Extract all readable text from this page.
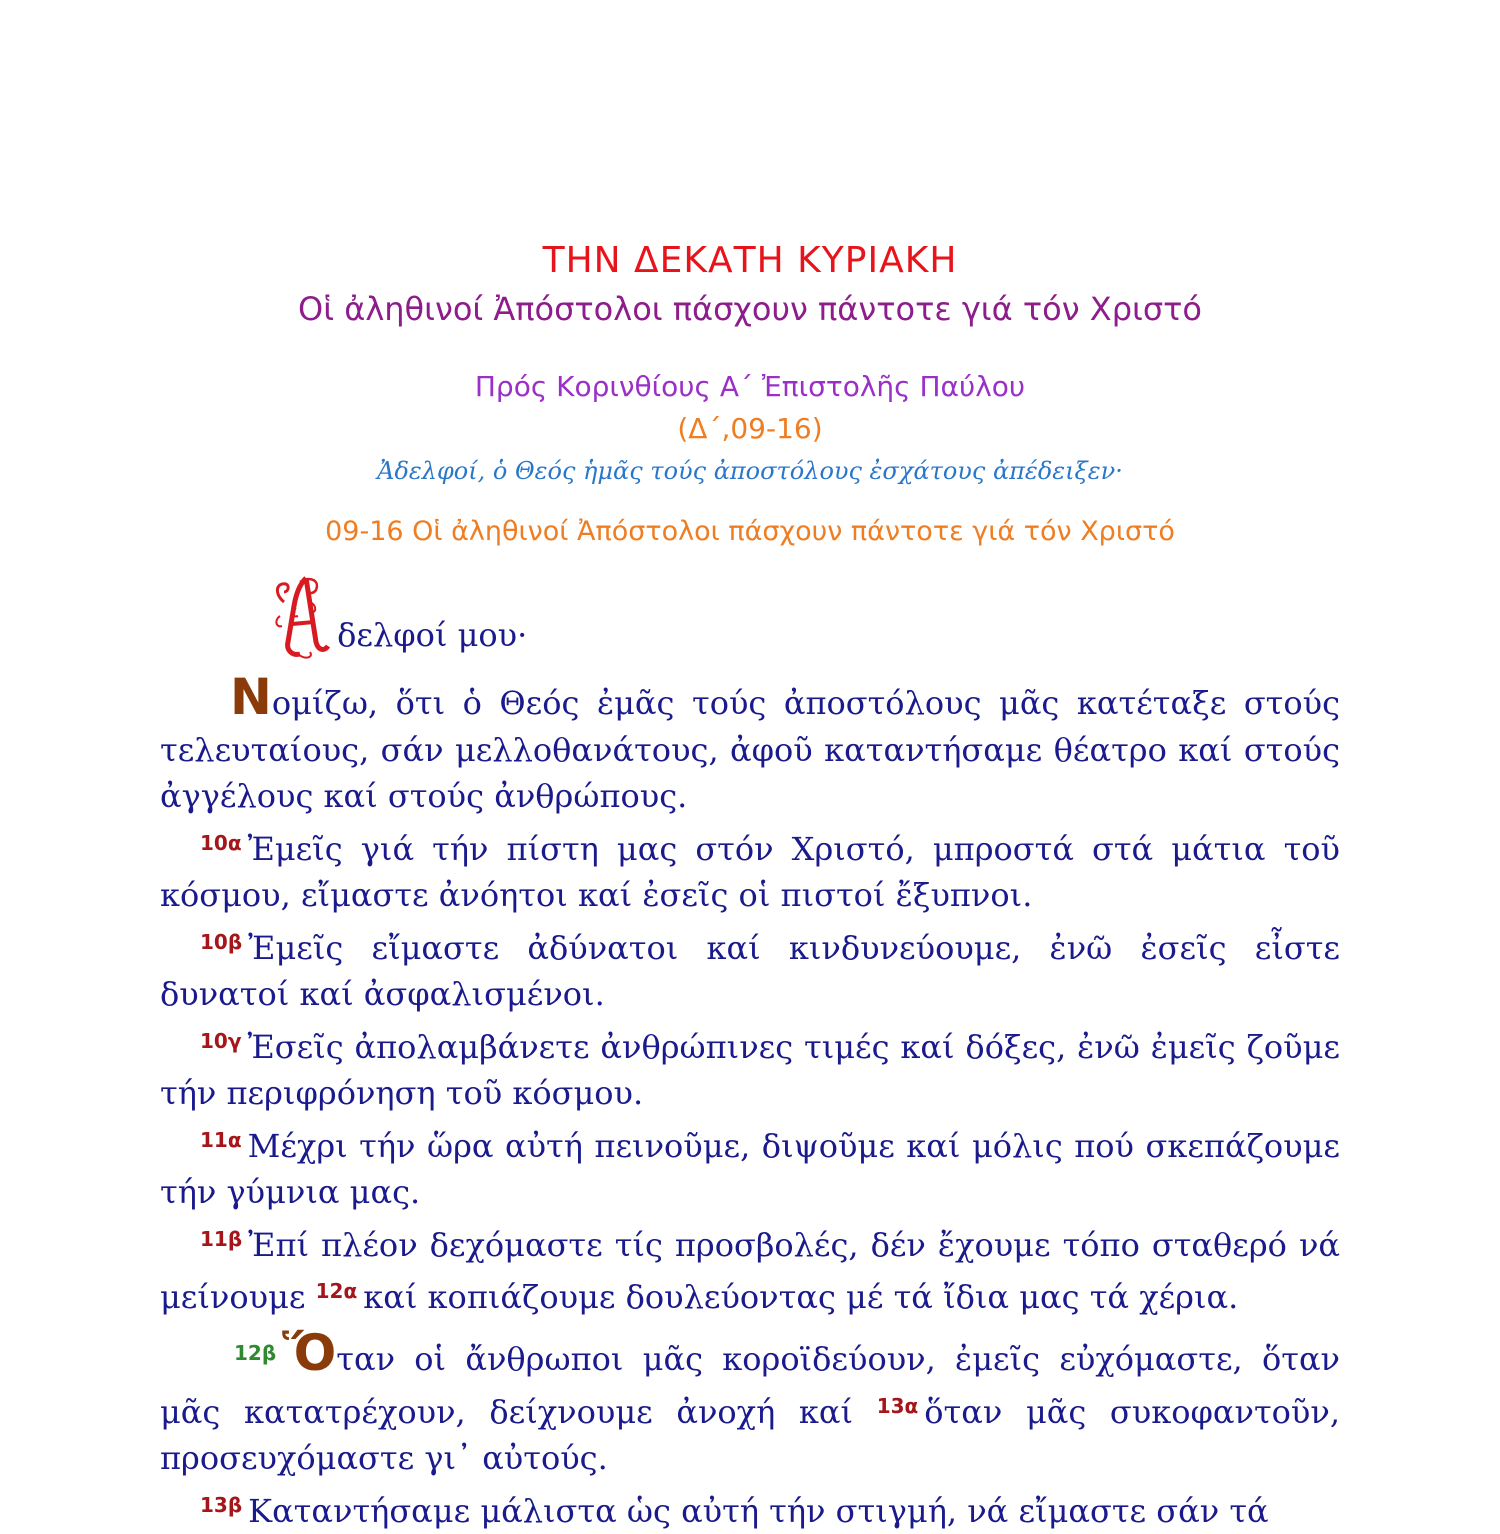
ΤΗΝ ΔΕΚΑΤΗ ΚΥΡΙΑΚΗ
Οἱ ἀληθινοί Ἀπόστολοι πάσχουν πάντοτε γιά τόν Χριστό
Πρός Κορινθίους Α΄ Ἐπιστολῆς Παύλου
(Δ΄,09-16)
Ἀδελφοί, ὁ Θεός ἡμᾶς τούς ἀποστόλους ἐσχάτους ἀπέδειξεν·
09-16 Οἱ ἀληθινοί Ἀπόστολοι πάσχουν πάντοτε γιά τόν Χριστό
δελφοί μου·

Νομίζω, ὅτι ὁ Θεός ἐμᾶς τούς ἀποστόλους μᾶς κατέταξε στούς τελευταίους, σάν μελλοθανάτους, ἀφοῦ καταντήσαμε θέατρο καί στούς ἀγγέλους καί στούς ἀνθρώπους.

$^{10\alpha}$ Ἐμεῖς γιά τήν πίστη μας στόν Χριστό, μπροστά στά μάτια τοῦ κόσμου, εἴμαστε ἀνόητοι καί ἐσεῖς οἱ πιστοί ἔξυπνοι.

$^{10\beta}$ Ἐμεῖς εἴμαστε ἀδύνατοι καί κινδυνεύουμε, ἐνῶ ἐσεῖς εἶστε δυνατοί καί ἀσφαλισμένοι.

$^{10\gamma}$ Ἐσεῖς ἀπολαμβάνετε ἀνθρώπινες τιμές καί δόξες, ἐνῶ ἐμεῖς ζοῦμε τήν περιφρόνηση τοῦ κόσμου.

$^{11\alpha}$ Μέχρι τήν ὥρα αὐτή πεινοῦμε, διψοῦμε καί μόλις πού σκεπάζουμε τήν γύμνια μας.

$^{11\beta}$ Ἐπί πλέον δεχόμαστε τίς προσβολές, δέν ἔχουμε τόπο σταθερό νά μείνουμε $^{12\alpha}$ καί κοπιάζουμε δουλεύοντας μέ τά ἴδια μας τά χέρια.

$^{12\beta}$ Ὅταν οἱ ἄνθρωποι μᾶς κοροϊδεύουν, ἐμεῖς εὐχόμαστε, ὅταν μᾶς κατατρέχουν, δείχνουμε ἀνοχή καί $^{13\alpha}$ ὅταν μᾶς συκοφαντοῦν, προσευχόμαστε γι᾽ αὐτούς.

$^{13\beta}$ Καταντήσαμε μάλιστα ὡς αὐτή τήν στιγμή, νά εἴμαστε σάν τά
